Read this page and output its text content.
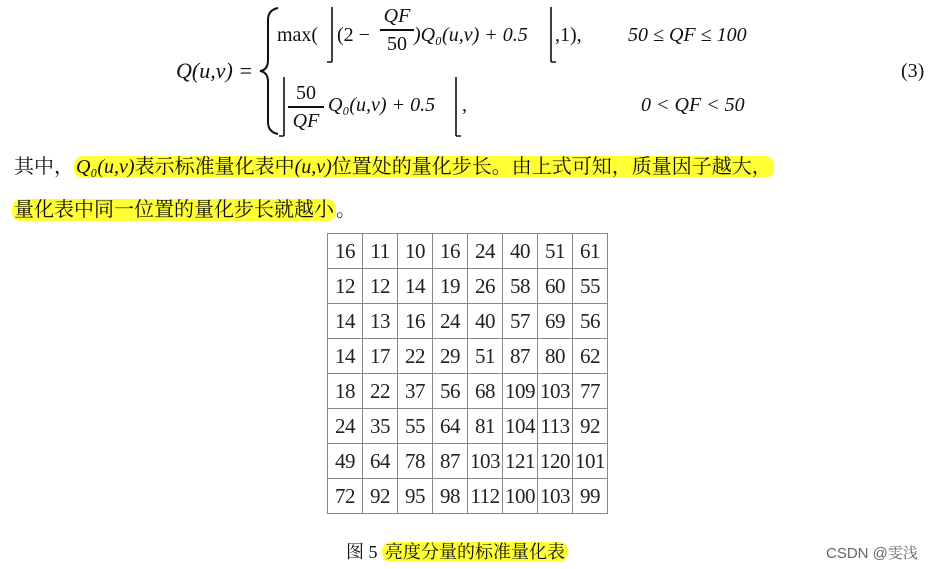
Q(u,v) =
max( (2 −
QF
50 )Q₀(u,v) + 0.5 ,1), 50 ≤ QF ≤ 100
50
QF
Q₀(u,v) + 0.5 ,	0 < QF < 50
(3)
其中， Q₀(u,v)表示标准量化表中(u,v)位置处的量化步长。由上式可知，质量因子越大，
量化表中同一位置的量化步长就越小 。
16	11	10	16	24	40	51	61
12	12	14	19	26	58	60	55
14	13	16	24	40	57	69	56
14	17	22	29	51	87	80	62
18	22	37	56	68	109	103	77
24	35	55	64	81	104	113	92
49	64	78	87	103	121	120	101
72	92	95	98	112	100	103	99
图 5 亮度分量的标准量化表	CSDN @雯浅
